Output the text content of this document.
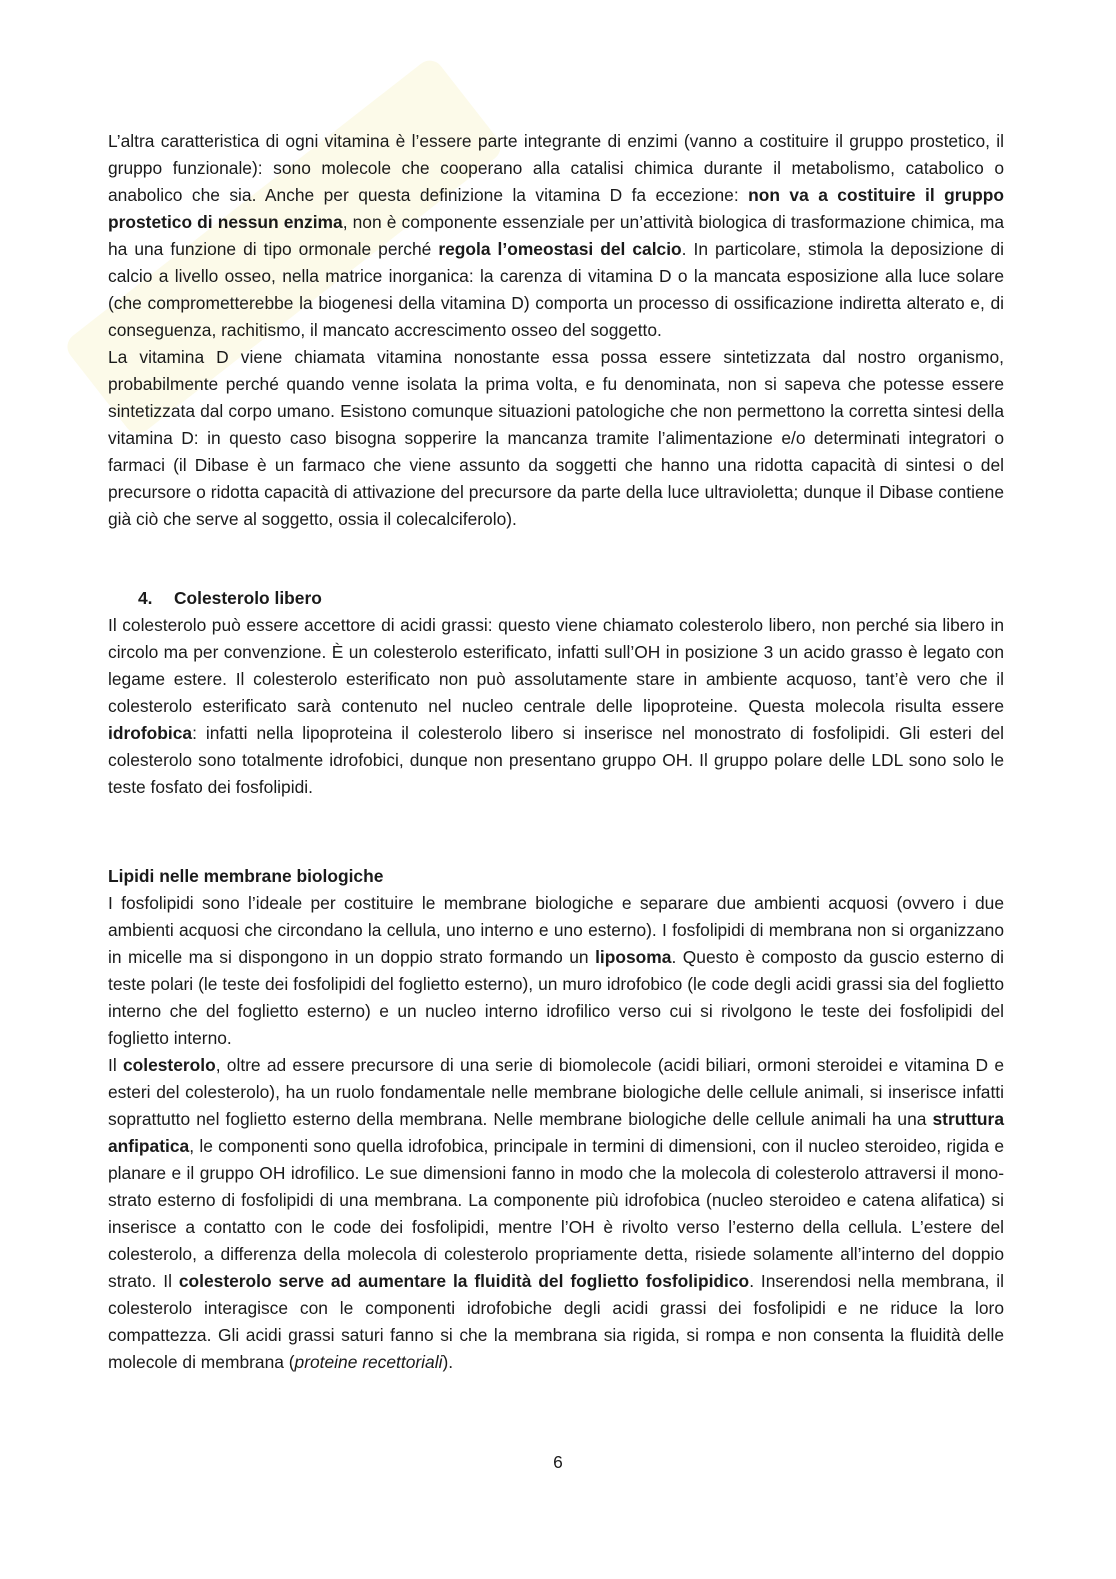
L’altra caratteristica di ogni vitamina è l’essere parte integrante di enzimi (vanno a costituire il gruppo prostetico, il gruppo funzionale): sono molecole che cooperano alla catalisi chimica durante il metabolismo, catabolico o anabolico che sia. Anche per questa definizione la vitamina D fa eccezione: non va a costituire il gruppo prostetico di nessun enzima, non è componente essenziale per un’attività biologica di trasformazione chimica, ma ha una funzione di tipo ormonale perché regola l’omeostasi del calcio. In particolare, stimola la deposizione di calcio a livello osseo, nella matrice inorganica: la carenza di vitamina D o la mancata esposizione alla luce solare (che comprometterebbe la biogenesi della vitamina D) comporta un processo di ossificazione indiretta alterato e, di conseguenza, rachitismo, il mancato accrescimento osseo del soggetto.

La vitamina D viene chiamata vitamina nonostante essa possa essere sintetizzata dal nostro organismo, probabilmente perché quando venne isolata la prima volta, e fu denominata, non si sapeva che potesse essere sintetizzata dal corpo umano. Esistono comunque situazioni patologiche che non permettono la corretta sintesi della vitamina D: in questo caso bisogna sopperire la mancanza tramite l’alimentazione e/o determinati integratori o farmaci (il Dibase è un farmaco che viene assunto da soggetti che hanno una ridotta capacità di sintesi o del precursore o ridotta capacità di attivazione del precursore da parte della luce ultravioletta; dunque il Dibase contiene già ciò che serve al soggetto, ossia il colecalciferolo).

4. Colesterolo libero

Il colesterolo può essere accettore di acidi grassi: questo viene chiamato colesterolo libero, non perché sia libero in circolo ma per convenzione. È un colesterolo esterificato, infatti sull’OH in posizione 3 un acido grasso è legato con legame estere. Il colesterolo esterificato non può assolutamente stare in ambiente acquoso, tant’è vero che il colesterolo esterificato sarà contenuto nel nucleo centrale delle lipoproteine. Questa molecola risulta essere idrofobica: infatti nella lipoproteina il colesterolo libero si inserisce nel monostrato di fosfolipidi. Gli esteri del colesterolo sono totalmente idrofobici, dunque non presentano gruppo OH. Il gruppo polare delle LDL sono solo le teste fosfato dei fosfolipidi.

Lipidi nelle membrane biologiche

I fosfolipidi sono l’ideale per costituire le membrane biologiche e separare due ambienti acquosi (ovvero i due ambienti acquosi che circondano la cellula, uno interno e uno esterno). I fosfolipidi di membrana non si organizzano in micelle ma si dispongono in un doppio strato formando un liposoma. Questo è composto da guscio esterno di teste polari (le teste dei fosfolipidi del foglietto esterno), un muro idrofobico (le code degli acidi grassi sia del foglietto interno che del foglietto esterno) e un nucleo interno idrofilico verso cui si rivolgono le teste dei fosfolipidi del foglietto interno.

Il colesterolo, oltre ad essere precursore di una serie di biomolecole (acidi biliari, ormoni steroidei e vitamina D e esteri del colesterolo), ha un ruolo fondamentale nelle membrane biologiche delle cellule animali, si inserisce infatti soprattutto nel foglietto esterno della membrana. Nelle membrane biologiche delle cellule animali ha una struttura anfipatica, le componenti sono quella idrofobica, principale in termini di dimensioni, con il nucleo steroideo, rigida e planare e il gruppo OH idrofilico. Le sue dimensioni fanno in modo che la molecola di colesterolo attraversi il mono-strato esterno di fosfolipidi di una membrana. La componente più idrofobica (nucleo steroideo e catena alifatica) si inserisce a contatto con le code dei fosfolipidi, mentre l’OH è rivolto verso l’esterno della cellula. L’estere del colesterolo, a differenza della molecola di colesterolo propriamente detta, risiede solamente all’interno del doppio strato. Il colesterolo serve ad aumentare la fluidità del foglietto fosfolipidico. Inserendosi nella membrana, il colesterolo interagisce con le componenti idrofobiche degli acidi grassi dei fosfolipidi e ne riduce la loro compattezza. Gli acidi grassi saturi fanno si che la membrana sia rigida, si rompa e non consenta la fluidità delle molecole di membrana (proteine recettoriali).

6
